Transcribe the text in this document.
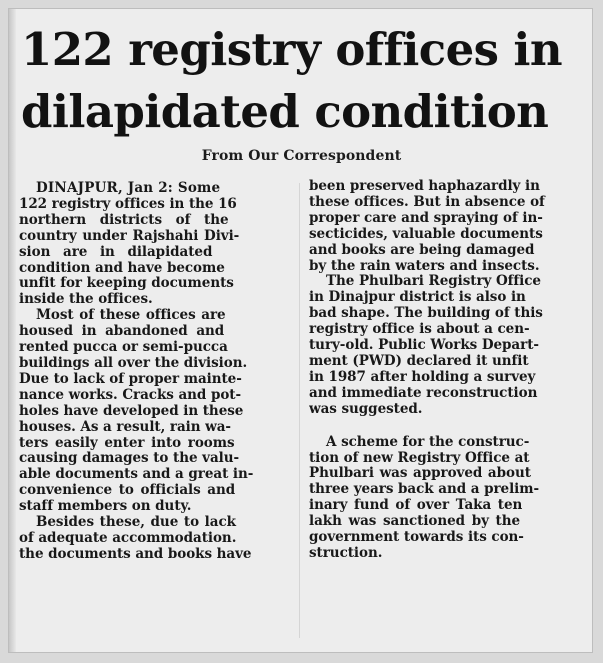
122 registry offices in
dilapidated condition
From Our Correspondent
DINAJPUR, Jan 2: Some
122 registry offices in the 16
northern districts of the
country under Rajshahi Divi-
sion are in dilapidated
condition and have become
unfit for keeping documents
inside the offices.
Most of these offices are
housed in abandoned and
rented pucca or semi-pucca
buildings all over the division.
Due to lack of proper mainte-
nance works. Cracks and pot-
holes have developed in these
houses. As a result, rain wa-
ters easily enter into rooms
causing damages to the valu-
able documents and a great in-
convenience to officials and
staff members on duty.
Besides these, due to lack
of adequate accommodation.
the documents and books have
been preserved haphazardly in
these offices. But in absence of
proper care and spraying of in-
secticides, valuable documents
and books are being damaged
by the rain waters and insects.
The Phulbari Registry Office
in Dinajpur district is also in
bad shape. The building of this
registry office is about a cen-
tury-old. Public Works Depart-
ment (PWD) declared it unfit
in 1987 after holding a survey
and immediate reconstruction
was suggested.
A scheme for the construc-
tion of new Registry Office at
Phulbari was approved about
three years back and a prelim-
inary fund of over Taka ten
lakh was sanctioned by the
government towards its con-
struction.
